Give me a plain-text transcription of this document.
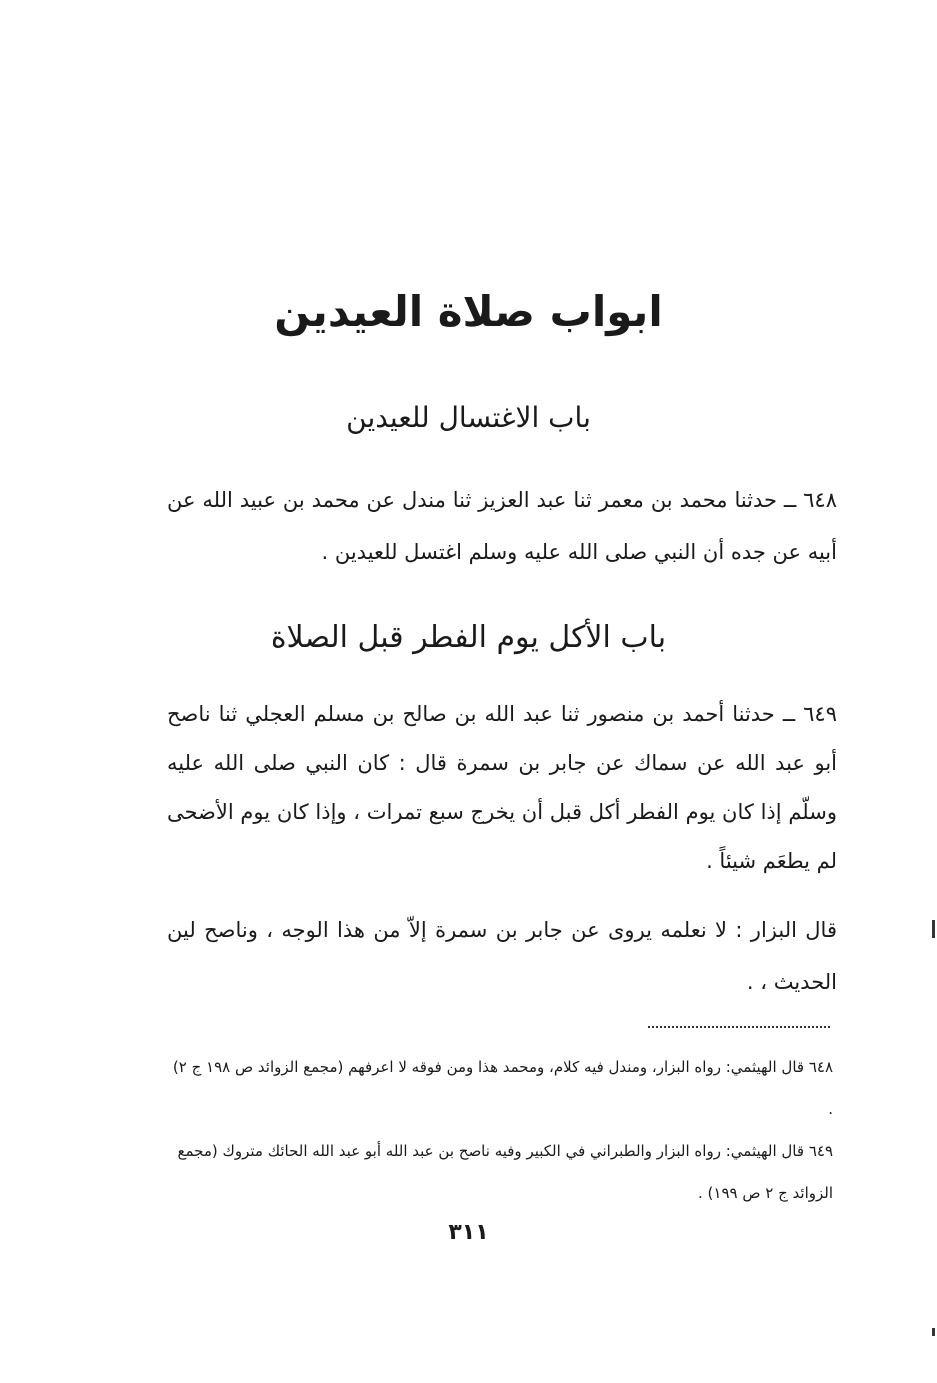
ابواب صلاة العيدين
باب الاغتسال للعيدين

٦٤٨ ــ حدثنا محمد بن معمر ثنا عبد العزيز ثنا مندل عن محمد بن عبيد الله عن أبيه عن جده أن النبي صلى الله عليه وسلم اغتسل للعيدين .

باب الأكل يوم الفطر قبل الصلاة

٦٤٩ ــ حدثنا أحمد بن منصور ثنا عبد الله بن صالح بن مسلم العجلي ثنا ناصح أبو عبد الله عن سماك عن جابر بن سمرة قال : كان النبي صلى الله عليه وسلّم إذا كان يوم الفطر أكل قبل أن يخرج سبع تمرات ، وإذا كان يوم الأضحى لم يطعَم شيئاً .

قال البزار : لا نعلمه يروى عن جابر بن سمرة إلاّ من هذا الوجه ، وناصح لين الحديث ، .

٦٤٨ قال الهيثمي: رواه البزار، ومندل فيه كلام، ومحمد هذا ومن فوقه لا اعرفهم (مجمع الزوائد ص ١٩٨ ج ٢) .

٦٤٩ قال الهيثمي: رواه البزار والطبراني في الكبير وفيه ناصح بن عبد الله أبو عبد الله الحائك متروك (مجمع الزوائد ج ٢ ص ١٩٩) .

٣١١
